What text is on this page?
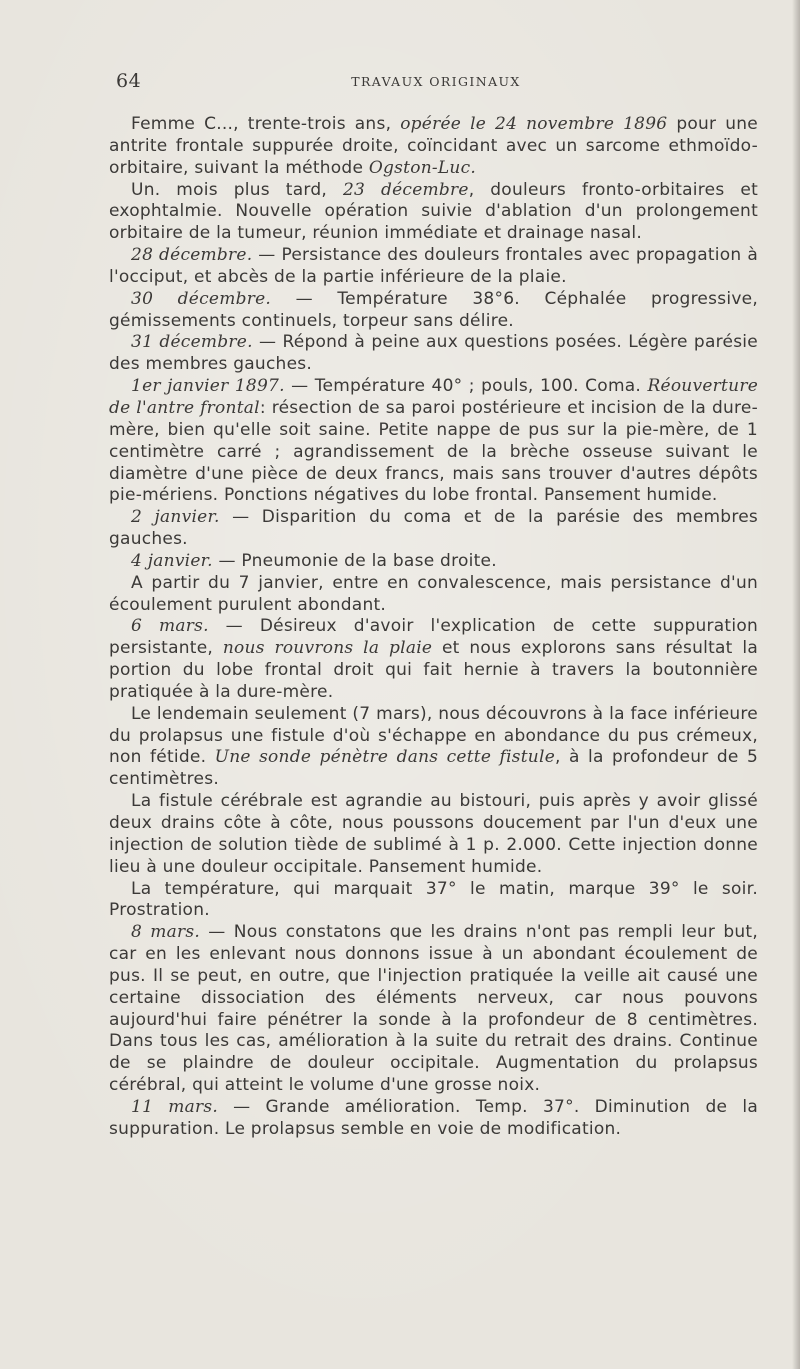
64	TRAVAUX ORIGINAUX

Femme C..., trente-trois ans, opérée le 24 novembre 1896 pour une antrite frontale suppurée droite, coïncidant avec un sarcome ethmoïdo-orbitaire, suivant la méthode Ogston-Luc.

Un. mois plus tard, 23 décembre, douleurs fronto-orbitaires et exophtalmie. Nouvelle opération suivie d'ablation d'un prolongement orbitaire de la tumeur, réunion immédiate et drainage nasal.

28 décembre. — Persistance des douleurs frontales avec propagation à l'occiput, et abcès de la partie inférieure de la plaie.

30 décembre. — Température 38°6. Céphalée progressive, gémissements continuels, torpeur sans délire.

31 décembre. — Répond à peine aux questions posées. Légère parésie des membres gauches.

1er janvier 1897. — Température 40° ; pouls, 100. Coma. Réouverture de l'antre frontal: résection de sa paroi postérieure et incision de la dure-mère, bien qu'elle soit saine. Petite nappe de pus sur la pie-mère, de 1 centimètre carré ; agrandissement de la brèche osseuse suivant le diamètre d'une pièce de deux francs, mais sans trouver d'autres dépôts pie-mériens. Ponctions négatives du lobe frontal. Pansement humide.

2 janvier. — Disparition du coma et de la parésie des membres gauches.

4 janvier. — Pneumonie de la base droite.

A partir du 7 janvier, entre en convalescence, mais persistance d'un écoulement purulent abondant.

6 mars. — Désireux d'avoir l'explication de cette suppuration persistante, nous rouvrons la plaie et nous explorons sans résultat la portion du lobe frontal droit qui fait hernie à travers la boutonnière pratiquée à la dure-mère.

Le lendemain seulement (7 mars), nous découvrons à la face inférieure du prolapsus une fistule d'où s'échappe en abondance du pus crémeux, non fétide. Une sonde pénètre dans cette fistule, à la profondeur de 5 centimètres.

La fistule cérébrale est agrandie au bistouri, puis après y avoir glissé deux drains côte à côte, nous poussons doucement par l'un d'eux une injection de solution tiède de sublimé à 1 p. 2.000. Cette injection donne lieu à une douleur occipitale. Pansement humide.

La température, qui marquait 37° le matin, marque 39° le soir. Prostration.

8 mars. — Nous constatons que les drains n'ont pas rempli leur but, car en les enlevant nous donnons issue à un abondant écoulement de pus. Il se peut, en outre, que l'injection pratiquée la veille ait causé une certaine dissociation des éléments nerveux, car nous pouvons aujourd'hui faire pénétrer la sonde à la profondeur de 8 centimètres. Dans tous les cas, amélioration à la suite du retrait des drains. Continue de se plaindre de douleur occipitale. Augmentation du prolapsus cérébral, qui atteint le volume d'une grosse noix.

11 mars. — Grande amélioration. Temp. 37°. Diminution de la suppuration. Le prolapsus semble en voie de modification.
